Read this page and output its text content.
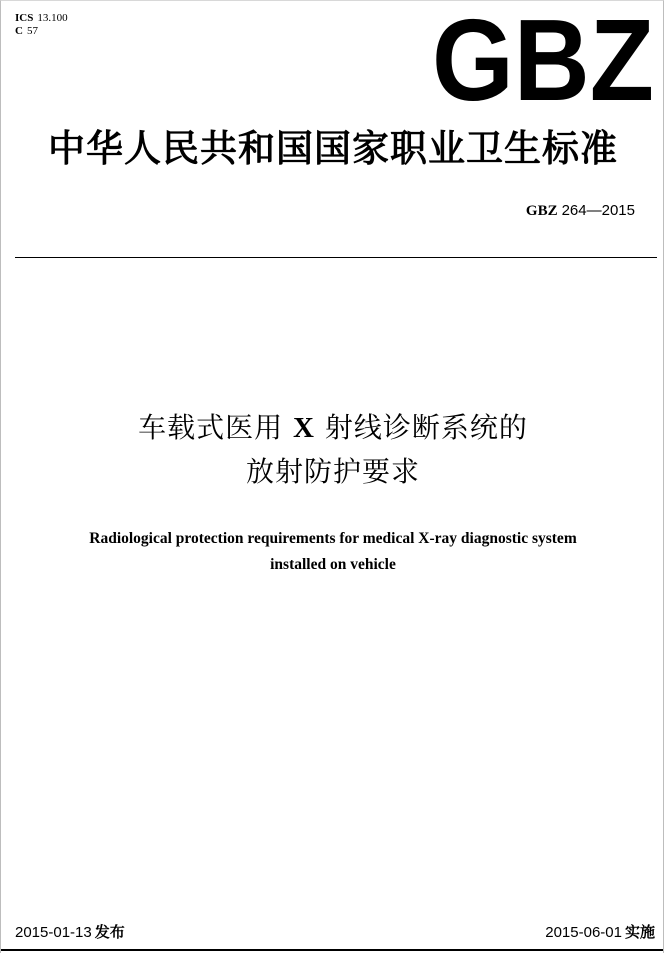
ICS 13.100
C 57	GBZ
中华人民共和国国家职业卫生标准
GBZ 264—2015
车载式医用 X 射线诊断系统的
放射防护要求
Radiological protection requirements for medical X-ray diagnostic system
installed on vehicle
2015-01-13 发布	2015-06-01 实施
